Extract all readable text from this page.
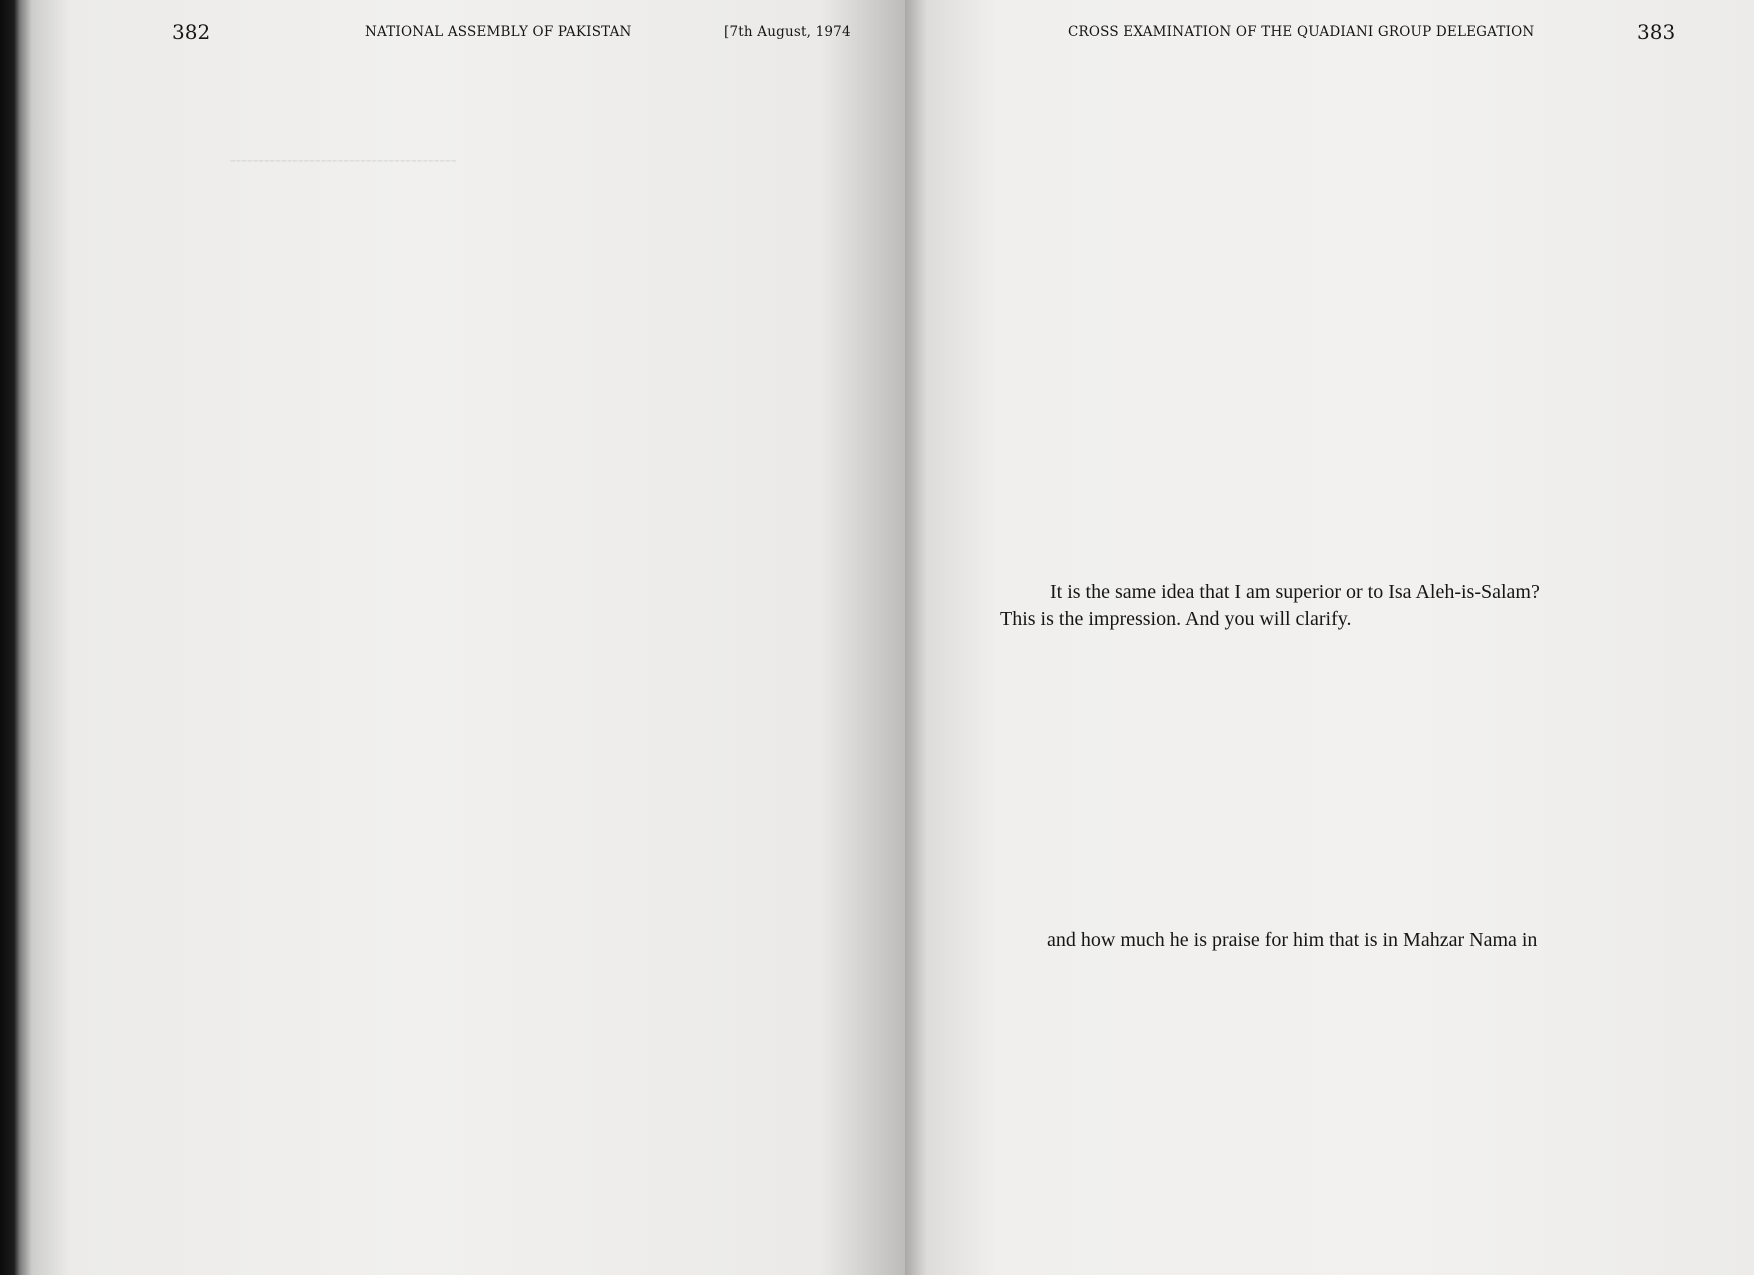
‑‑‑‑‑‑‑‑‑‑‑‑‑‑‑‑‑‑‑‑‑‑‑‑‑‑‑‑‑‑‑‑‑‑‑‑‑‑‑‑
382	NATIONAL ASSEMBLY OF PAKISTAN	[7th August, 1974	CROSS EXAMINATION OF THE QUADIANI GROUP DELEGATION	383
It is the same idea that I am superior or to Isa Aleh-is-Salam?
This is the impression. And you will clarify.
and how much he is praise for him that is in Mahzar Nama in
